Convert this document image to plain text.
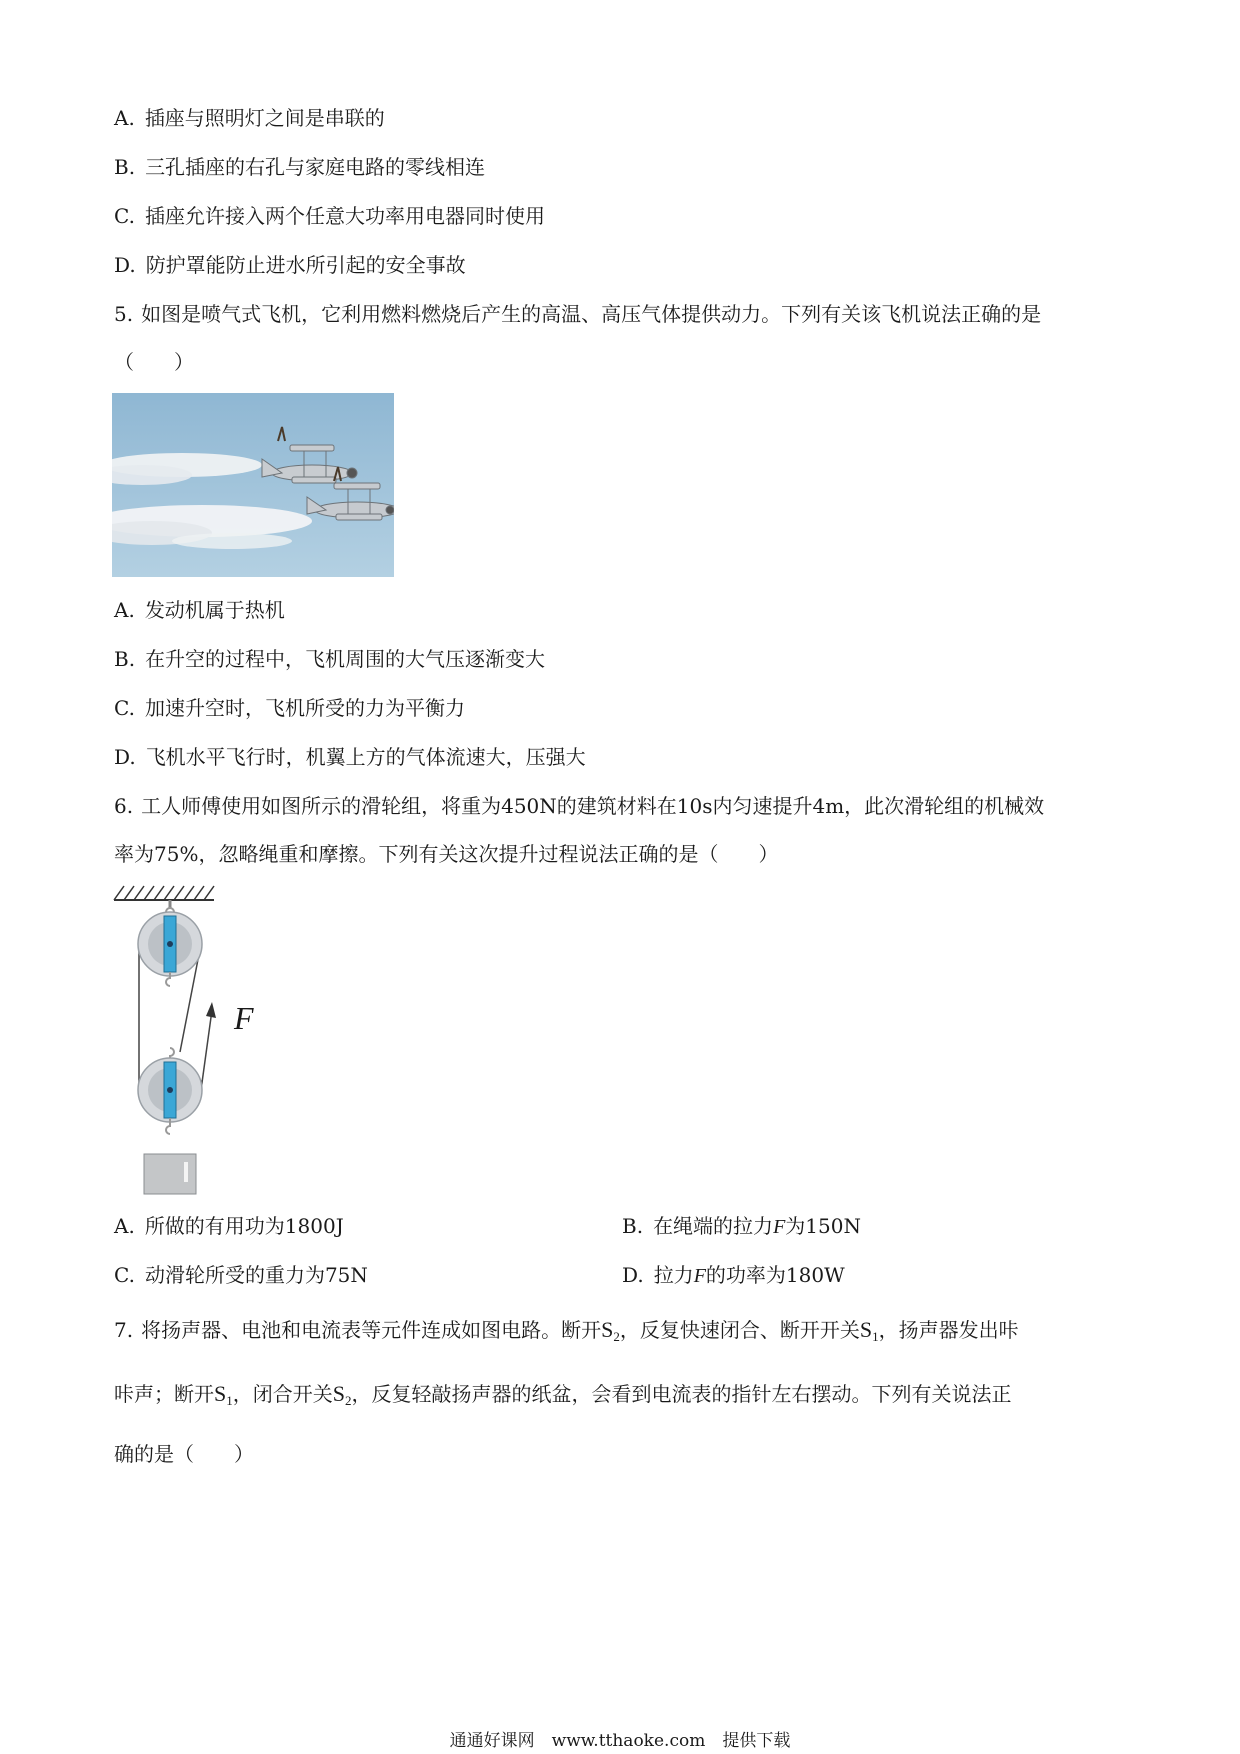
A. 插座与照明灯之间是串联的
B. 三孔插座的右孔与家庭电路的零线相连
C. 插座允许接入两个任意大功率用电器同时使用
D. 防护罩能防止进水所引起的安全事故
5. 如图是喷气式飞机，它利用燃料燃烧后产生的高温、高压气体提供动力。下列有关该飞机说法正确的是
（　　）
A. 发动机属于热机
B. 在升空的过程中，飞机周围的大气压逐渐变大
C. 加速升空时，飞机所受的力为平衡力
D. 飞机水平飞行时，机翼上方的气体流速大，压强大
6. 工人师傅使用如图所示的滑轮组，将重为450N的建筑材料在10s内匀速提升4m，此次滑轮组的机械效
率为75%，忽略绳重和摩擦。下列有关这次提升过程说法正确的是（　　）
F
A. 所做的有用功为1800J	B. 在绳端的拉力F为150N
C. 动滑轮所受的重力为75N	D. 拉力F的功率为180W
7. 将扬声器、电池和电流表等元件连成如图电路。断开$S_2$，反复快速闭合、断开开关$S_1$，扬声器发出咔
咔声；断开$S_1$，闭合开关$S_2$，反复轻敲扬声器的纸盆，会看到电流表的指针左右摆动。下列有关说法正
确的是（　　）
通通好课网　www.tthaoke.com　提供下载
